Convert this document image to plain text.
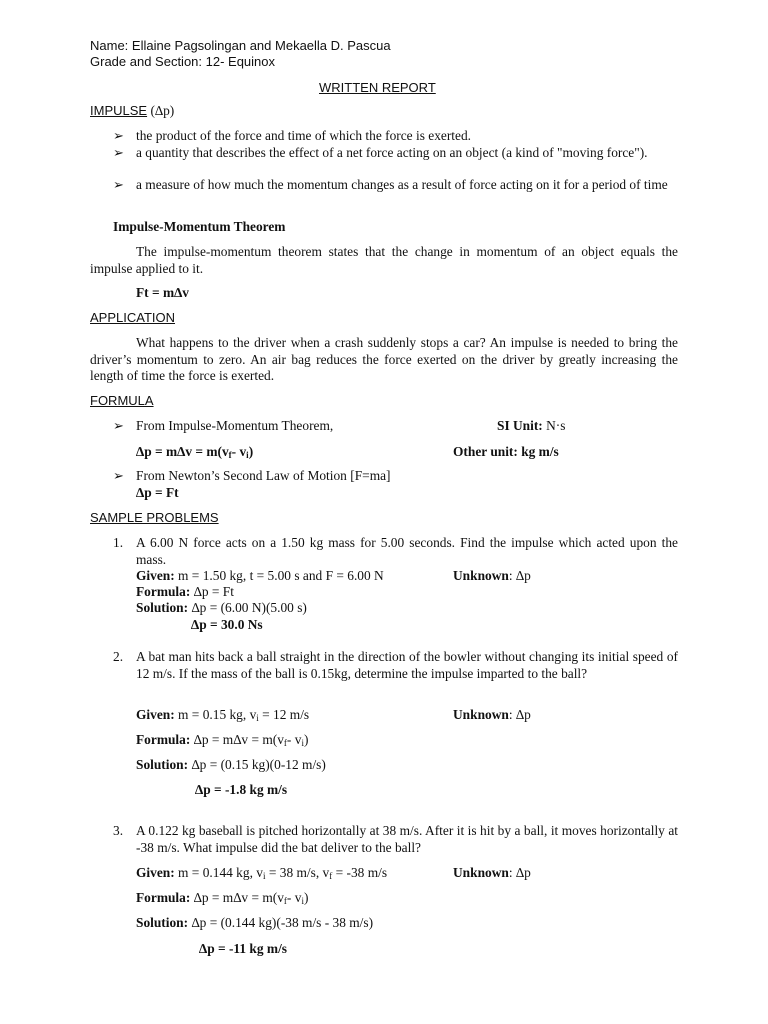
Name: Ellaine Pagsolingan and Mekaella D. Pascua
Grade and Section: 12- Equinox
WRITTEN REPORT
IMPULSE (∆p)
➢ the product of the force and time of which the force is exerted.
➢ a quantity that describes the effect of a net force acting on an object (a kind of "moving force").
➢ a measure of how much the momentum changes as a result of force acting on it for a period of time
Impulse-Momentum Theorem
The impulse-momentum theorem states that the change in momentum of an object equals the impulse applied to it.
Ft = m∆v
APPLICATION
What happens to the driver when a crash suddenly stops a car? An impulse is needed to bring the driver’s momentum to zero. An air bag reduces the force exerted on the driver by greatly increasing the length of time the force is exerted.
FORMULA
➢ From Impulse-Momentum Theorem,	SI Unit: N·s
∆p = m∆v = m(vf- vi)	Other unit: kg m/s
➢ From Newton’s Second Law of Motion [F=ma]
∆p = Ft
SAMPLE PROBLEMS
1. A 6.00 N force acts on a 1.50 kg mass for 5.00 seconds. Find the impulse which acted upon the mass.
Given: m = 1.50 kg, t = 5.00 s and F = 6.00 N	Unknown: ∆p
Formula: ∆p = Ft
Solution: ∆p = (6.00 N)(5.00 s)
∆p = 30.0 Ns
2. A bat man hits back a ball straight in the direction of the bowler without changing its initial speed of 12 m/s. If the mass of the ball is 0.15kg, determine the impulse imparted to the ball?
Given: m = 0.15 kg, vi = 12 m/s	Unknown: ∆p
Formula: ∆p = m∆v = m(vf- vi)
Solution: ∆p = (0.15 kg)(0-12 m/s)
∆p = -1.8 kg m/s
3. A 0.122 kg baseball is pitched horizontally at 38 m/s. After it is hit by a ball, it moves horizontally at -38 m/s. What impulse did the bat deliver to the ball?
Given: m = 0.144 kg, vi = 38 m/s, vf = -38 m/s	Unknown: ∆p
Formula: ∆p = m∆v = m(vf- vi)
Solution: ∆p = (0.144 kg)(-38 m/s - 38 m/s)
∆p = -11 kg m/s
